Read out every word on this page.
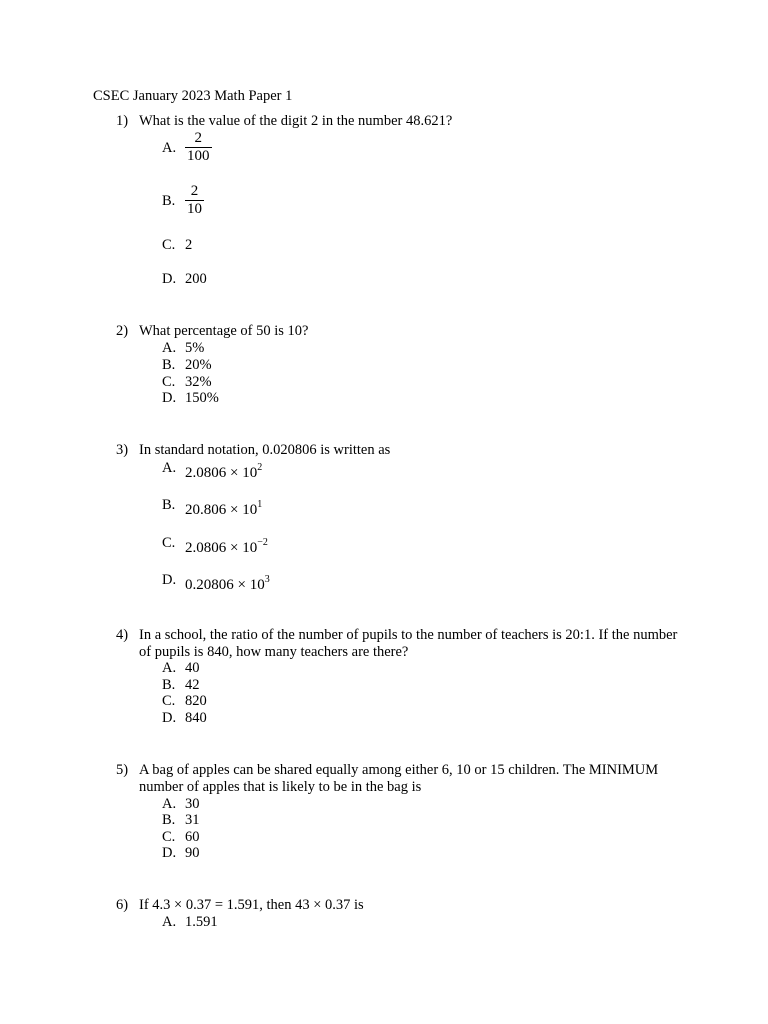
CSEC January 2023 Math Paper 1
1) What is the value of the digit 2 in the number 48.621?
A. $\frac{2}{100}$
B. $\frac{2}{10}$
C. 2
D. 200
2) What percentage of 50 is 10?
A. 5%
B. 20%
C. 32%
D. 150%
3) In standard notation, 0.020806 is written as
A. $2.0806 \times 10^2$
B. $20.806 \times 10^1$
C. $2.0806 \times 10^{-2}$
D. $0.20806 \times 10^3$
4) In a school, the ratio of the number of pupils to the number of teachers is 20:1. If the number
of pupils is 840, how many teachers are there?
A. 40
B. 42
C. 820
D. 840
5) A bag of apples can be shared equally among either 6, 10 or 15 children. The MINIMUM
number of apples that is likely to be in the bag is
A. 30
B. 31
C. 60
D. 90
6) If 4.3 × 0.37 = 1.591, then 43 × 0.37 is
A. 1.591
